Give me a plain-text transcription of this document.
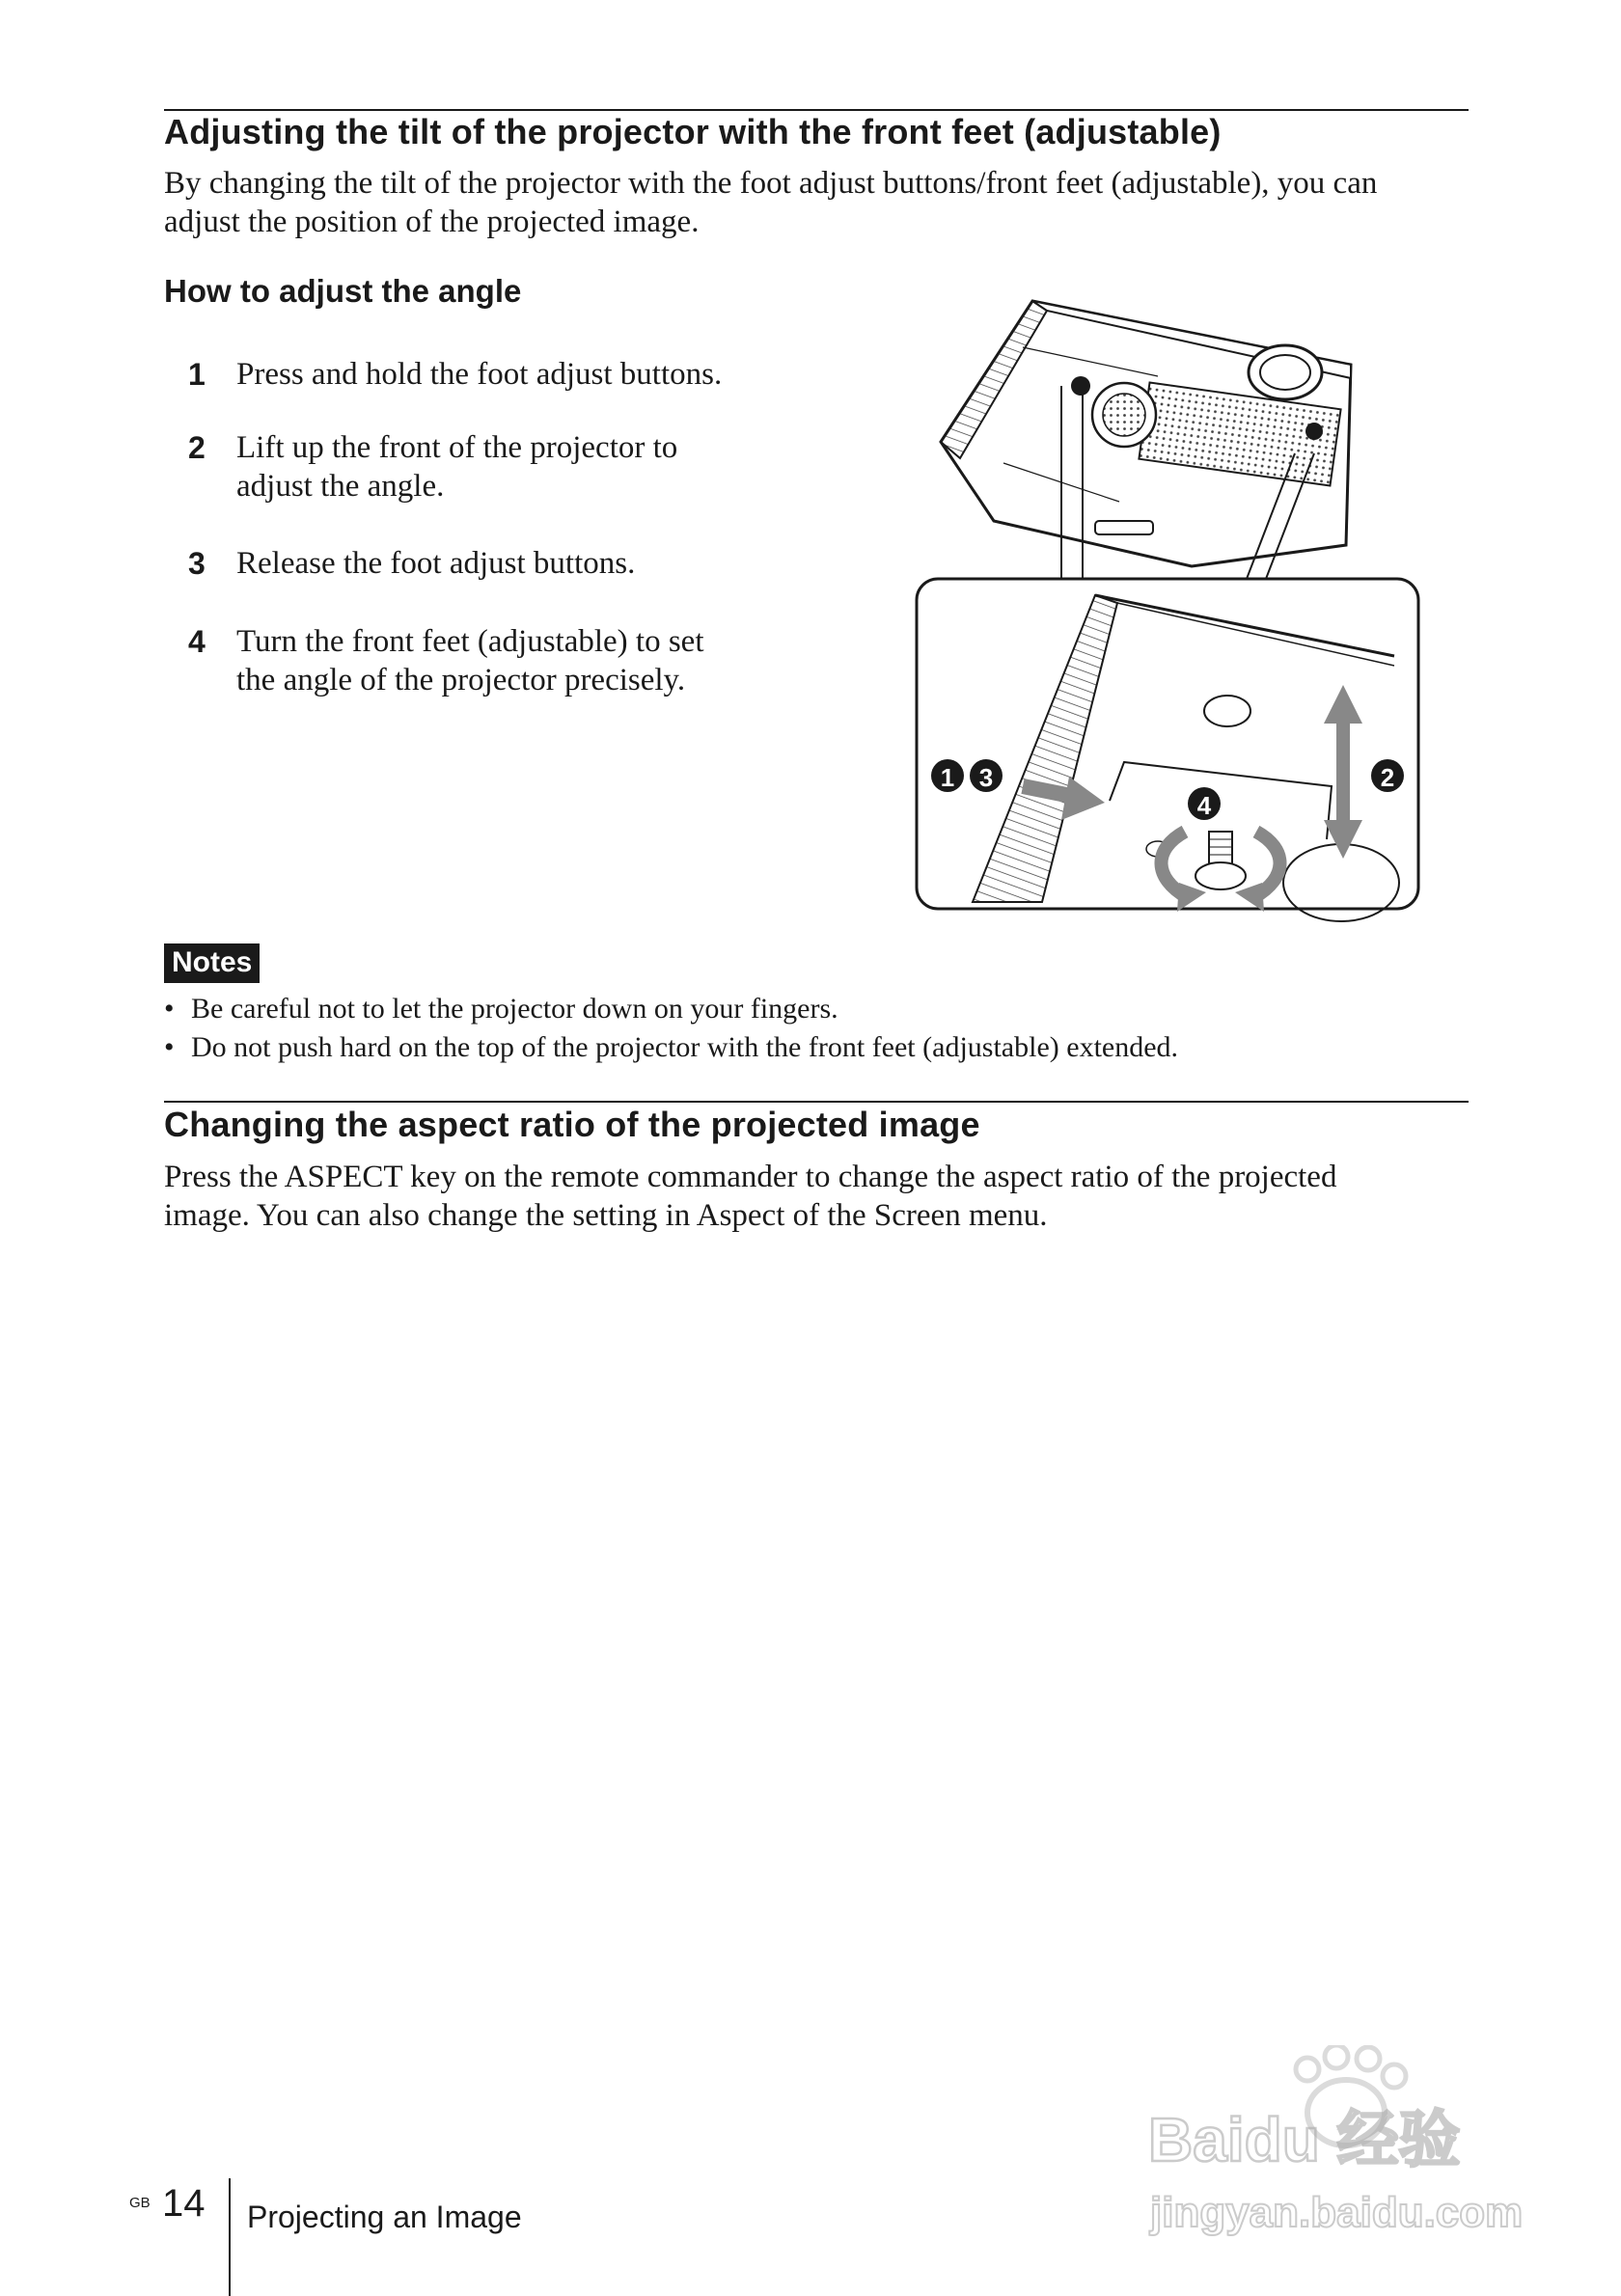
Adjusting the tilt of the projector with the front feet (adjustable)
By changing the tilt of the projector with the foot adjust buttons/front feet (adjustable), you can
adjust the position of the projected image.
How to adjust the angle
1 Press and hold the foot adjust buttons.
2 Lift up the front of the projector to
adjust the angle.
3 Release the foot adjust buttons.
4 Turn the front feet (adjustable) to set
the angle of the projector precisely.
1 3	2
4
Notes
• Be careful not to let the projector down on your fingers.
• Do not push hard on the top of the projector with the front feet (adjustable) extended.
Changing the aspect ratio of the projected image
Press the ASPECT key on the remote commander to change the aspect ratio of the projected
image. You can also change the setting in Aspect of the Screen menu.
Baidu 经验
jingyan.baidu.com
GB 14 Projecting an Image
